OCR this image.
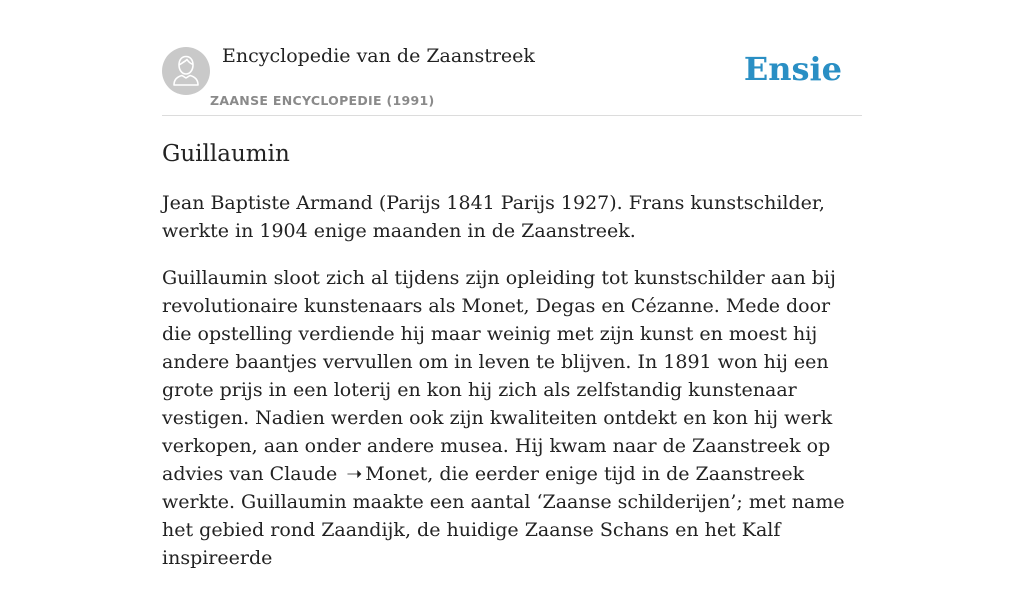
Encyclopedie van de Zaanstreek
ZAANSE ENCYCLOPEDIE (1991)
Ensie
Guillaumin

Jean Baptiste Armand (Parijs 1841 Parijs 1927). Frans kunstschilder, werkte in 1904 enige maanden in de Zaanstreek.

Guillaumin sloot zich al tijdens zijn opleiding tot kunstschilder aan bij revolutionaire kunstenaars als Monet, Degas en Cézanne. Mede door die opstelling verdiende hij maar weinig met zijn kunst en moest hij andere baantjes vervullen om in leven te blijven. In 1891 won hij een grote prijs in een loterij en kon hij zich als zelfstandig kunstenaar vestigen. Nadien werden ook zijn kwaliteiten ontdekt en kon hij werk verkopen, aan onder andere musea. Hij kwam naar de Zaanstreek op advies van Claude ➝ Monet, die eerder enige tijd in de Zaanstreek werkte. Guillaumin maakte een aantal ‘Zaanse schilderijen’; met name het gebied rond Zaandijk, de huidige Zaanse Schans en het Kalf inspireerde
